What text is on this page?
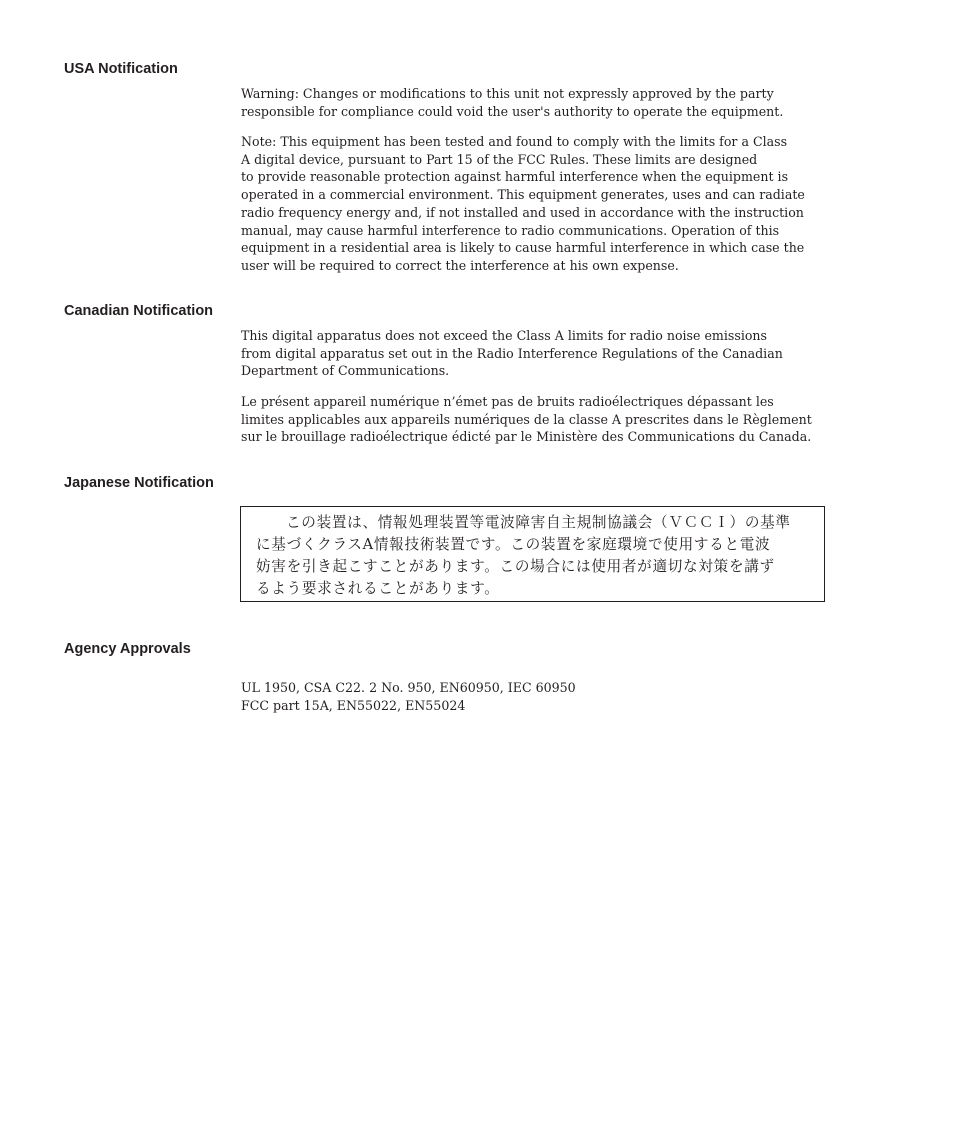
USA Notification

Warning: Changes or modifications to this unit not expressly approved by the party
responsible for compliance could void the user's authority to operate the equipment.

Note: This equipment has been tested and found to comply with the limits for a Class
A digital device, pursuant to Part 15 of the FCC Rules. These limits are designed
to provide reasonable protection against harmful interference when the equipment is
operated in a commercial environment. This equipment generates, uses and can radiate
radio frequency energy and, if not installed and used in accordance with the instruction
manual, may cause harmful interference to radio communications. Operation of this
equipment in a residential area is likely to cause harmful interference in which case the
user will be required to correct the interference at his own expense.

Canadian Notification

This digital apparatus does not exceed the Class A limits for radio noise emissions
from digital apparatus set out in the Radio Interference Regulations of the Canadian
Department of Communications.

Le présent appareil numérique n’émet pas de bruits radioélectriques dépassant les
limites applicables aux appareils numériques de la classe A prescrites dans le Règlement
sur le brouillage radioélectrique édicté par le Ministère des Communications du Canada.

Japanese Notification

この装置は、情報処理装置等電波障害自主規制協議会（ＶＣＣＩ）の基準
に基づくクラスA情報技術装置です。この装置を家庭環境で使用すると電波
妨害を引き起こすことがあります。この場合には使用者が適切な対策を講ず
るよう要求されることがあります。

Agency Approvals

UL 1950, CSA C22. 2 No. 950, EN60950, IEC 60950
FCC part 15A, EN55022, EN55024
